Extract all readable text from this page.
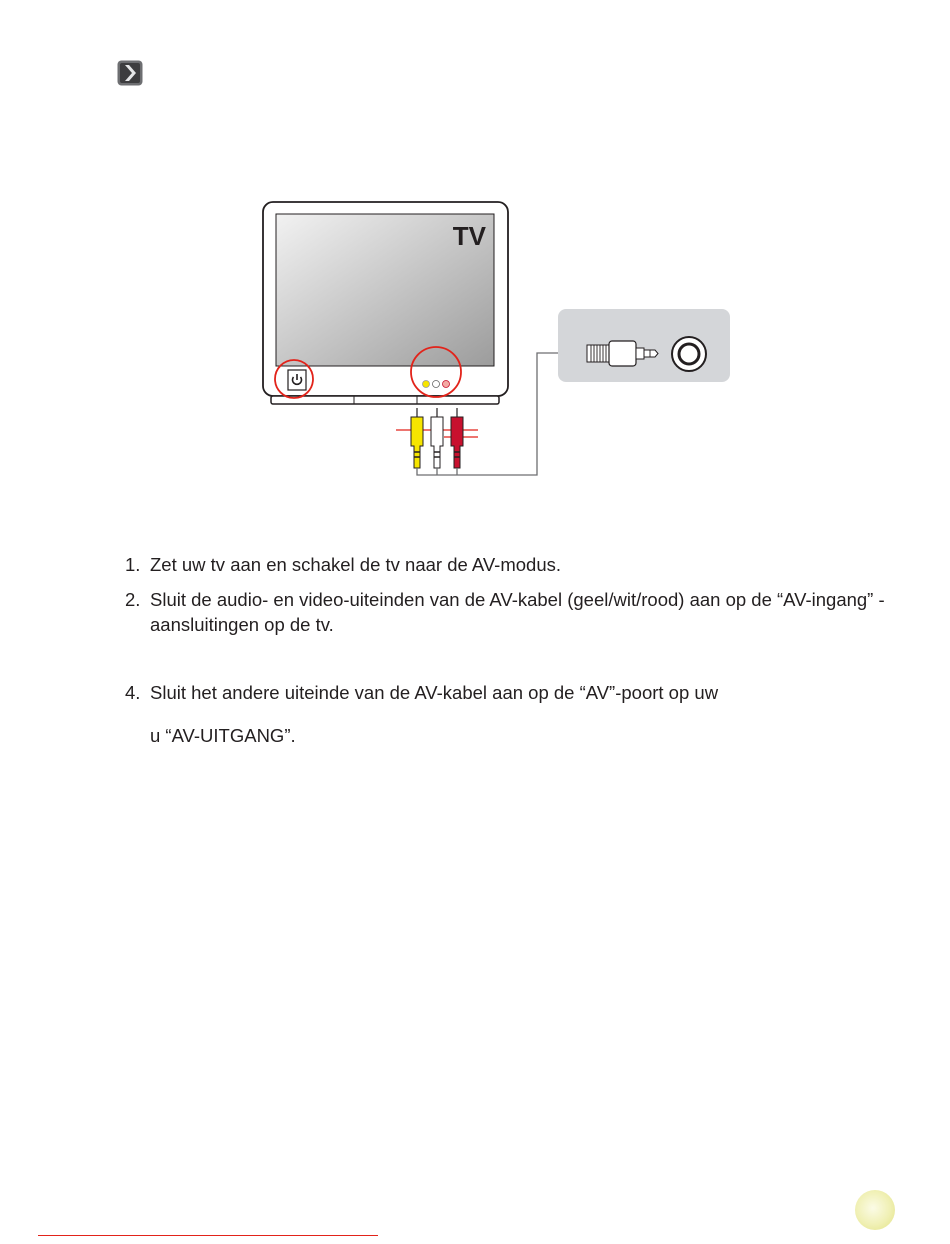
TV
1. Zet uw tv aan en schakel de tv naar de AV-modus.
2. Sluit de audio- en video-uiteinden van de AV-kabel (geel/wit/rood) aan op de “AV-ingang” -aansluitingen op de tv.
4. Sluit het andere uiteinde van de AV-kabel aan op de “AV”-poort op uw
u “AV-UITGANG”.
